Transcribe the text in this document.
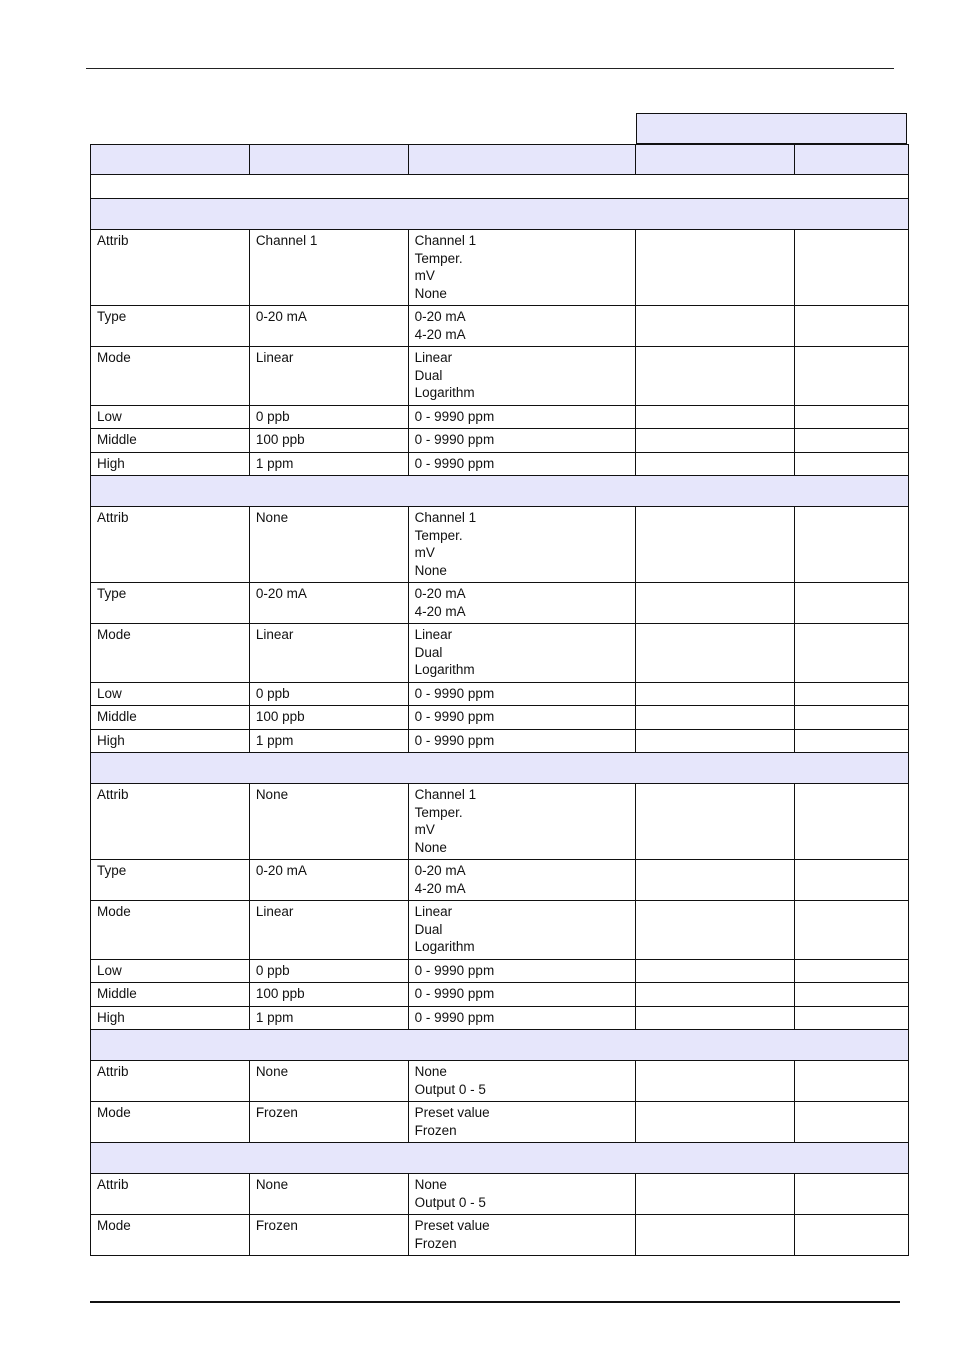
Attrib	Channel 1	Channel 1
Temper.
mV
None		
Type	0-20 mA	0-20 mA
4-20 mA		
Mode	Linear	Linear
Dual
Logarithm		
Low	0 ppb	0 - 9990 ppm		
Middle	100 ppb	0 - 9990 ppm		
High	1 ppm	0 - 9990 ppm		

Attrib	None	Channel 1
Temper.
mV
None		
Type	0-20 mA	0-20 mA
4-20 mA		
Mode	Linear	Linear
Dual
Logarithm		
Low	0 ppb	0 - 9990 ppm		
Middle	100 ppb	0 - 9990 ppm		
High	1 ppm	0 - 9990 ppm		

Attrib	None	Channel 1
Temper.
mV
None		
Type	0-20 mA	0-20 mA
4-20 mA		
Mode	Linear	Linear
Dual
Logarithm		
Low	0 ppb	0 - 9990 ppm		
Middle	100 ppb	0 - 9990 ppm		
High	1 ppm	0 - 9990 ppm		

Attrib	None	None
Output 0 - 5		
Mode	Frozen	Preset value
Frozen		

Attrib	None	None
Output 0 - 5		
Mode	Frozen	Preset value
Frozen		
